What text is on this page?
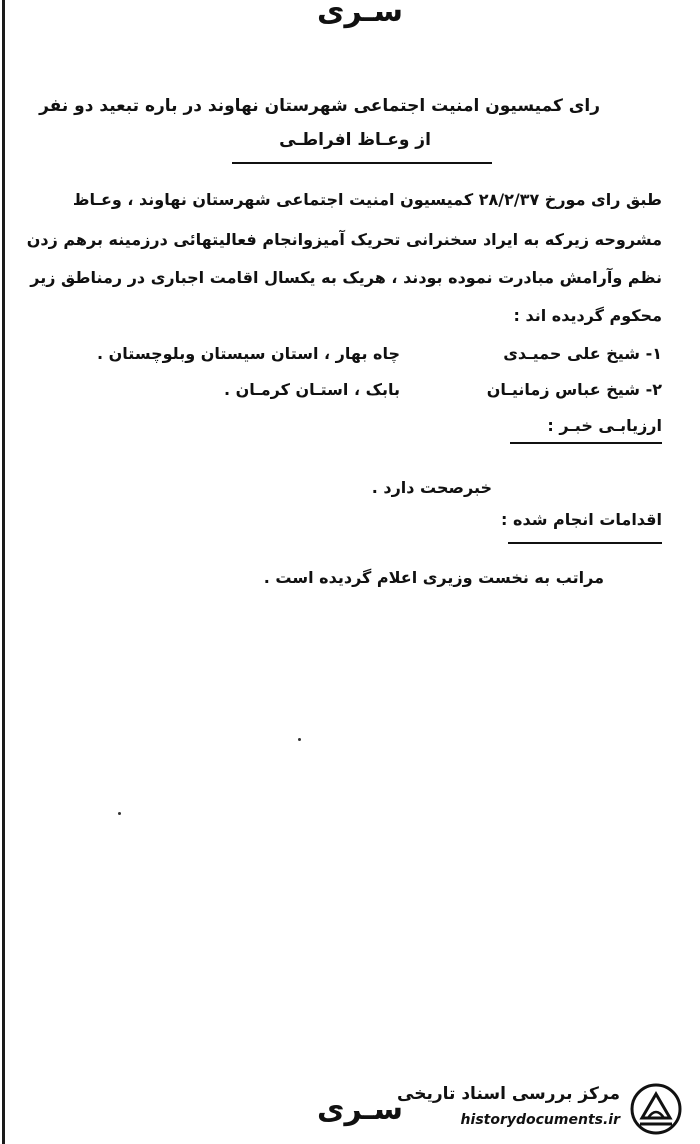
سـرى
رای کمیسیون امنیت اجتماعی شهرستان نهاوند در باره تبعید دو نفر
از وعـاظ افراطـی
طبق رای مورخ ۲۸/۲/۳۷ کمیسیون امنیت اجتماعی شهرستان نهاوند ، وعـاظ
مشروحه زیرکه به ایراد سخنرانی تحریک آمیزوانجام فعالیتهائی درزمینه برهم زدن
نظم وآرامش مبادرت نموده بودند ، هریک به یکسال اقامت اجباری در رمناطق زیر
محکوم گردیده اند :
۱- شیخ علی حمیـدی
چاه بهار ، استان سیستان وبلوچستان .
۲- شیخ عباس زمانیـان
بابک ، استـان کرمـان .
ارزیابـی خبـر :
خبرصحت دارد .
اقدامات انجام شده :
مراتب به نخست وزیری اعلام گردیده است .
سـرى
مرکز بررسی اسناد تاریخی
historydocuments.ir
